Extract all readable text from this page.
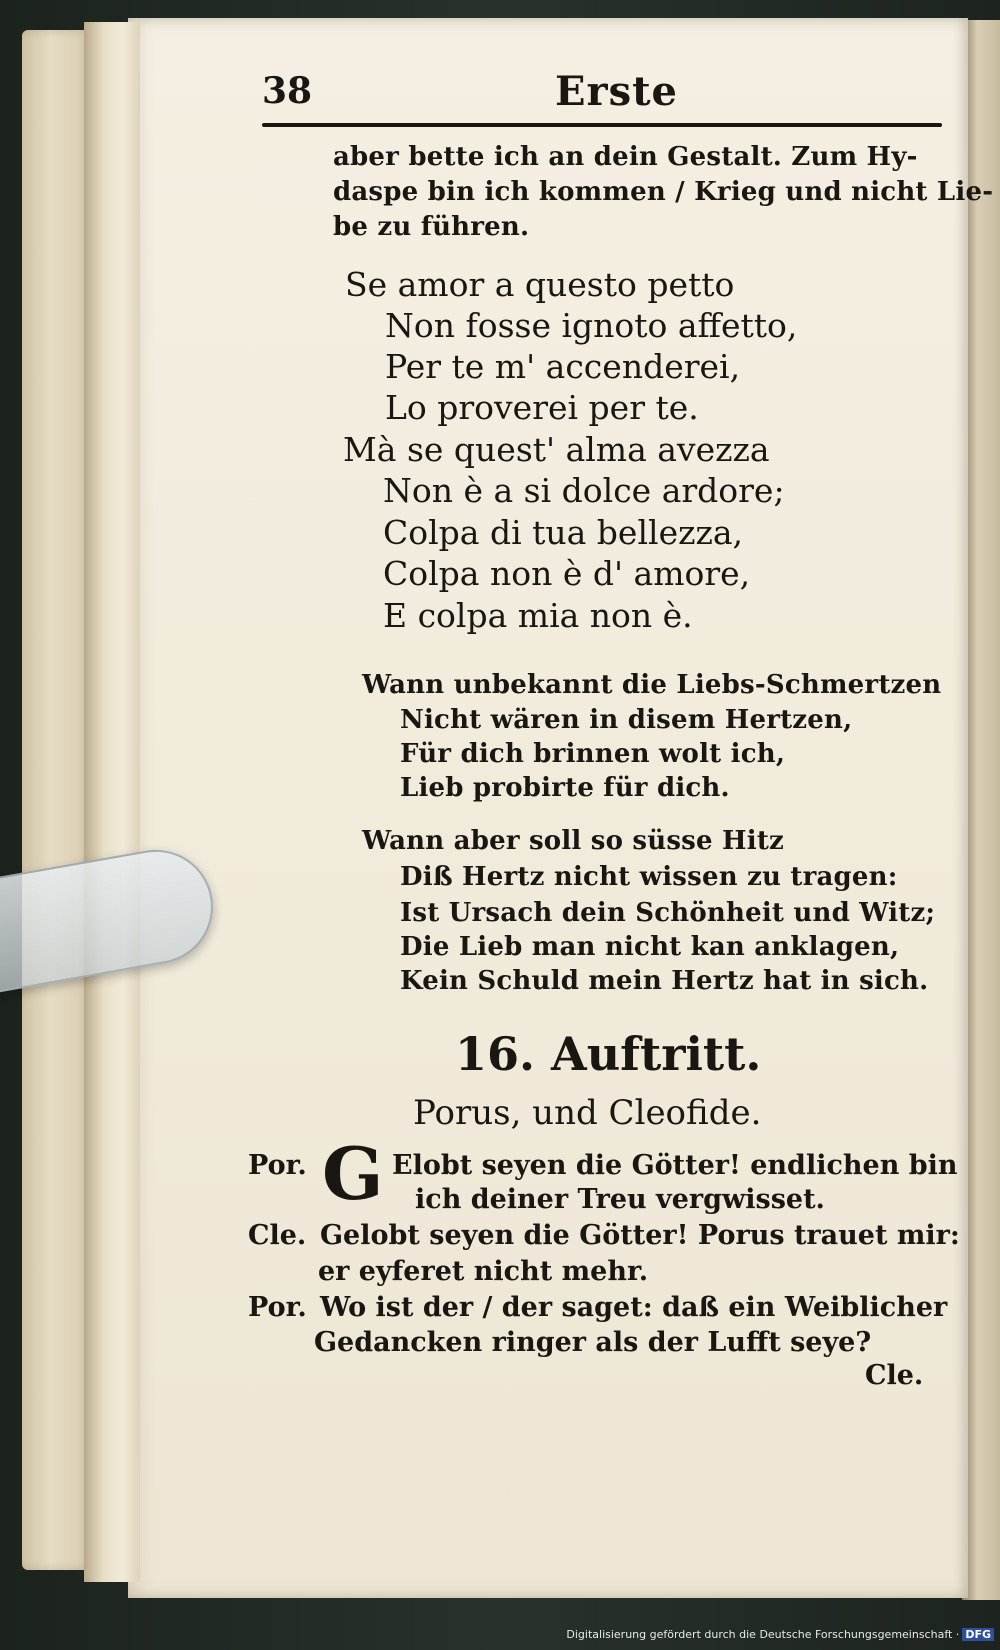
38	Erste
aber bette ich an dein Gestalt. Zum Hy-
daspe bin ich kommen / Krieg und nicht Lie-
be zu führen.
Se amor a questo petto
Non fosse ignoto affetto,
Per te m' accenderei,
Lo proverei per te.
Mà se quest' alma avezza
Non è a si dolce ardore;
Colpa di tua bellezza,
Colpa non è d' amore,
E colpa mia non è.
Wann unbekannt die Liebs-Schmertzen
Nicht wären in disem Hertzen,
Für dich brinnen wolt ich,
Lieb probirte für dich.
Wann aber soll so süsse Hitz
Diß Hertz nicht wissen zu tragen:
Ist Ursach dein Schönheit und Witz;
Die Lieb man nicht kan anklagen,
Kein Schuld mein Hertz hat in sich.
16. Auftritt.
Porus, und Cleofide.
Por. G Elobt seyen die Götter! endlichen bin
ich deiner Treu vergwisset.
Cle. Gelobt seyen die Götter! Porus trauet mir:
er eyferet nicht mehr.
Por. Wo ist der / der saget: daß ein Weiblicher
Gedancken ringer als der Lufft seye?
Cle.
Digitalisierung gefördert durch die Deutsche Forschungsgemeinschaft · DFG
